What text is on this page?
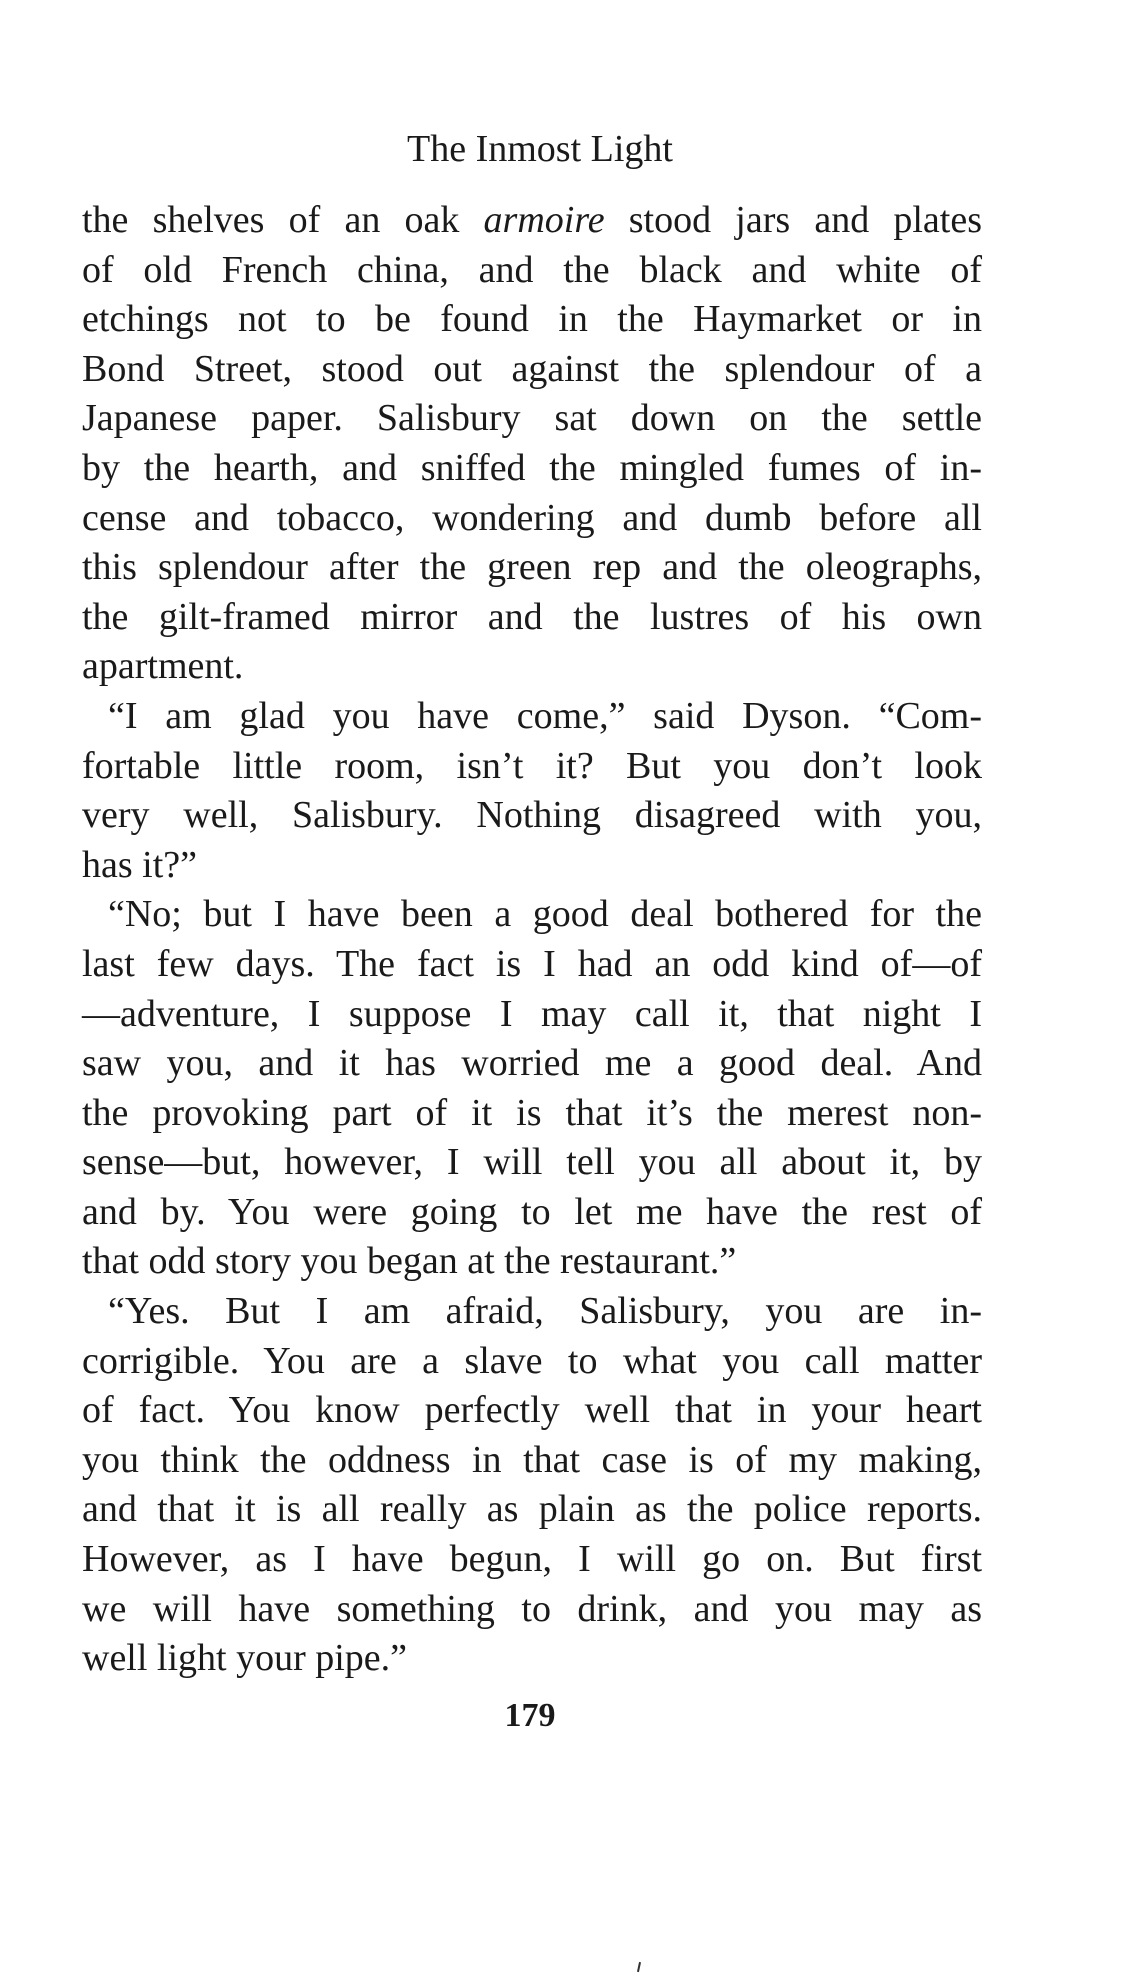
The Inmost Light
the shelves of an oak armoire stood jars and plates
of old French china, and the black and white of
etchings not to be found in the Haymarket or in
Bond Street, stood out against the splendour of a
Japanese paper. Salisbury sat down on the settle
by the hearth, and sniffed the mingled fumes of in-
cense and tobacco, wondering and dumb before all
this splendour after the green rep and the oleographs,
the gilt-framed mirror and the lustres of his own
apartment.
“I am glad you have come,” said Dyson. “Com-
fortable little room, isn’t it? But you don’t look
very well, Salisbury. Nothing disagreed with you,
has it?”
“No; but I have been a good deal bothered for the
last few days. The fact is I had an odd kind of—of
—adventure, I suppose I may call it, that night I
saw you, and it has worried me a good deal. And
the provoking part of it is that it’s the merest non-
sense—but, however, I will tell you all about it, by
and by. You were going to let me have the rest of
that odd story you began at the restaurant.”
“Yes. But I am afraid, Salisbury, you are in-
corrigible. You are a slave to what you call matter
of fact. You know perfectly well that in your heart
you think the oddness in that case is of my making,
and that it is all really as plain as the police reports.
However, as I have begun, I will go on. But first
we will have something to drink, and you may as
well light your pipe.”
179
